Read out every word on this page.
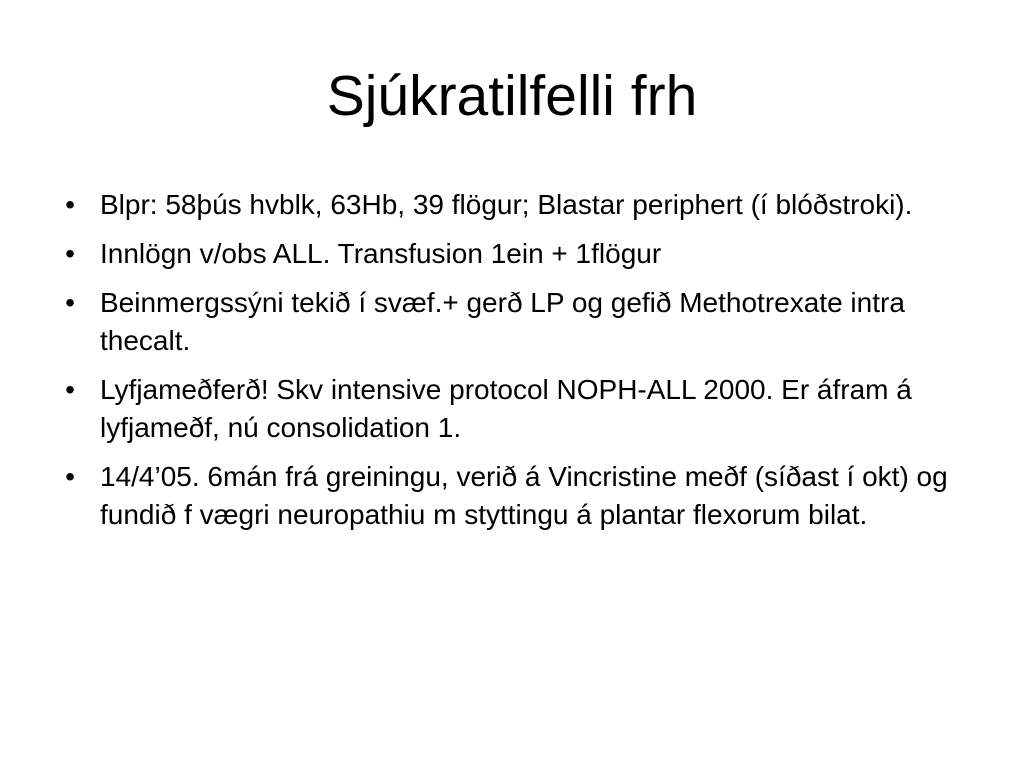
Sjúkratilfelli frh
• Blpr: 58þús hvblk, 63Hb, 39 flögur; Blastar periphert (í blóðstroki).
• Innlögn v/obs ALL. Transfusion 1ein + 1flögur
• Beinmergssýni tekið í svæf.+ gerð LP og gefið Methotrexate intra thecalt.
• Lyfjameðferð! Skv intensive protocol NOPH-ALL 2000. Er áfram á lyfjameðf, nú consolidation 1.
• 14/4’05. 6mán frá greiningu, verið á Vincristine meðf (síðast í okt) og fundið f vægri neuropathiu m styttingu á plantar flexorum bilat.
